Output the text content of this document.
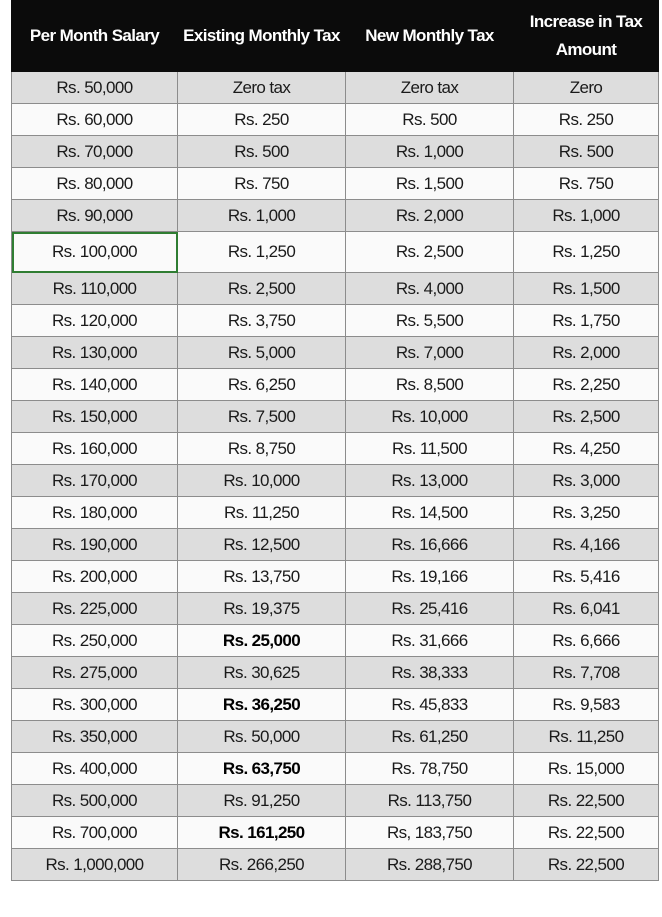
Per Month Salary	Existing Monthly Tax	New Monthly Tax	Increase in Tax Amount
Rs. 50,000	Zero tax	Zero tax	Zero
Rs. 60,000	Rs. 250	Rs. 500	Rs. 250
Rs. 70,000	Rs. 500	Rs. 1,000	Rs. 500
Rs. 80,000	Rs. 750	Rs. 1,500	Rs. 750
Rs. 90,000	Rs. 1,000	Rs. 2,000	Rs. 1,000
Rs. 100,000	Rs. 1,250	Rs. 2,500	Rs. 1,250
Rs. 110,000	Rs. 2,500	Rs. 4,000	Rs. 1,500
Rs. 120,000	Rs. 3,750	Rs. 5,500	Rs. 1,750
Rs. 130,000	Rs. 5,000	Rs. 7,000	Rs. 2,000
Rs. 140,000	Rs. 6,250	Rs. 8,500	Rs. 2,250
Rs. 150,000	Rs. 7,500	Rs. 10,000	Rs. 2,500
Rs. 160,000	Rs. 8,750	Rs. 11,500	Rs. 4,250
Rs. 170,000	Rs. 10,000	Rs. 13,000	Rs. 3,000
Rs. 180,000	Rs. 11,250	Rs. 14,500	Rs. 3,250
Rs. 190,000	Rs. 12,500	Rs. 16,666	Rs. 4,166
Rs. 200,000	Rs. 13,750	Rs. 19,166	Rs. 5,416
Rs. 225,000	Rs. 19,375	Rs. 25,416	Rs. 6,041
Rs. 250,000	Rs. 25,000	Rs. 31,666	Rs. 6,666
Rs. 275,000	Rs. 30,625	Rs. 38,333	Rs. 7,708
Rs. 300,000	Rs. 36,250	Rs. 45,833	Rs. 9,583
Rs. 350,000	Rs. 50,000	Rs. 61,250	Rs. 11,250
Rs. 400,000	Rs. 63,750	Rs. 78,750	Rs. 15,000
Rs. 500,000	Rs. 91,250	Rs. 113,750	Rs. 22,500
Rs. 700,000	Rs. 161,250	Rs, 183,750	Rs. 22,500
Rs. 1,000,000	Rs. 266,250	Rs. 288,750	Rs. 22,500
